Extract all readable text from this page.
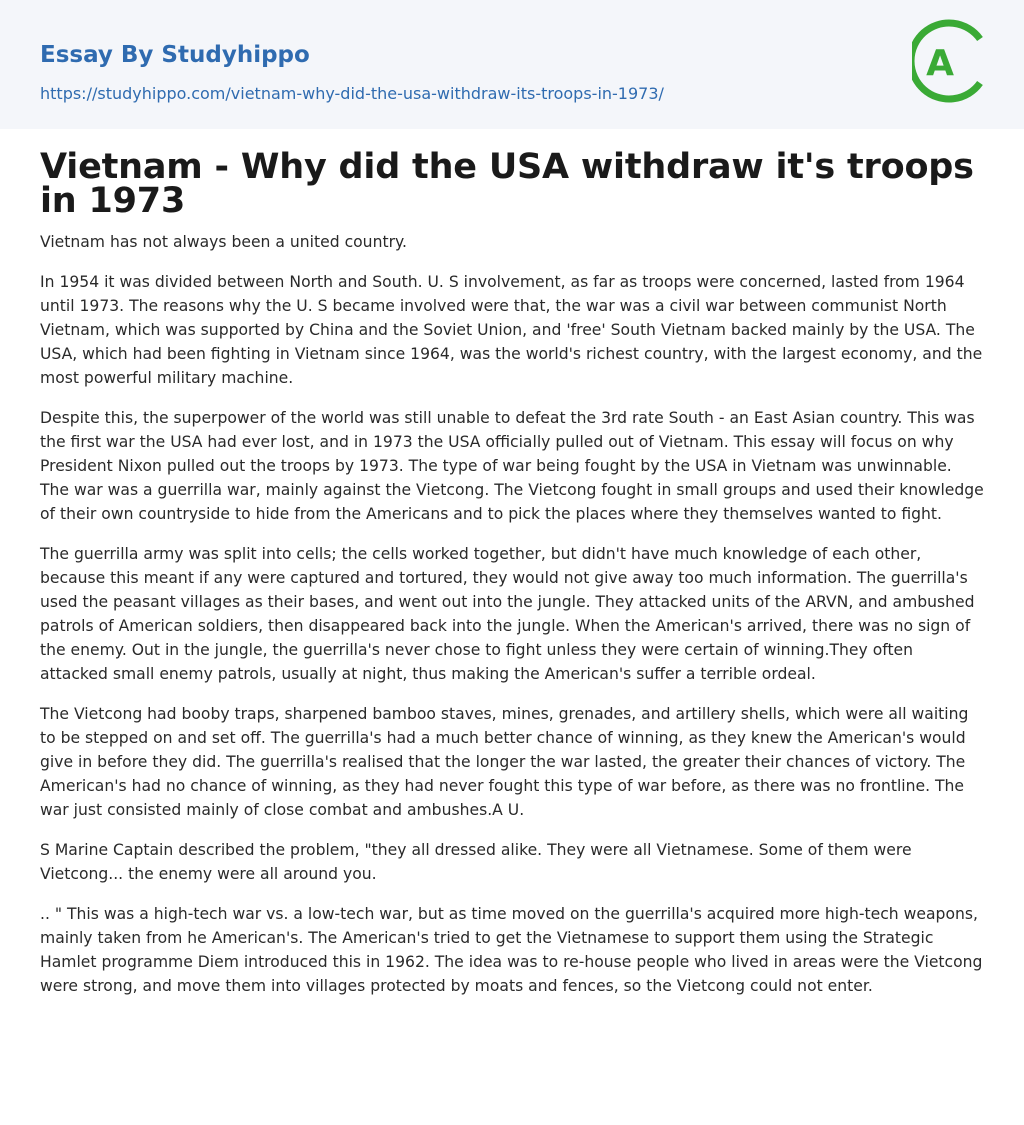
Essay By Studyhippo
https://studyhippo.com/vietnam-why-did-the-usa-withdraw-its-troops-in-1973/
A
Vietnam - Why did the USA withdraw it's troops in 1973

Vietnam has not always been a united country.

In 1954 it was divided between North and South. U. S involvement, as far as troops were concerned, lasted from 1964 until 1973. The reasons why the U. S became involved were that, the war was a civil war between communist North Vietnam, which was supported by China and the Soviet Union, and 'free' South Vietnam backed mainly by the USA. The USA, which had been fighting in Vietnam since 1964, was the world's richest country, with the largest economy, and the most powerful military machine.

Despite this, the superpower of the world was still unable to defeat the 3rd rate South - an East Asian country. This was the first war the USA had ever lost, and in 1973 the USA officially pulled out of Vietnam. This essay will focus on why President Nixon pulled out the troops by 1973. The type of war being fought by the USA in Vietnam was unwinnable. The war was a guerrilla war, mainly against the Vietcong. The Vietcong fought in small groups and used their knowledge of their own countryside to hide from the Americans and to pick the places where they themselves wanted to fight.

The guerrilla army was split into cells; the cells worked together, but didn't have much knowledge of each other, because this meant if any were captured and tortured, they would not give away too much information. The guerrilla's used the peasant villages as their bases, and went out into the jungle. They attacked units of the ARVN, and ambushed patrols of American soldiers, then disappeared back into the jungle. When the American's arrived, there was no sign of the enemy. Out in the jungle, the guerrilla's never chose to fight unless they were certain of winning.They often attacked small enemy patrols, usually at night, thus making the American's suffer a terrible ordeal.

The Vietcong had booby traps, sharpened bamboo staves, mines, grenades, and artillery shells, which were all waiting to be stepped on and set off. The guerrilla's had a much better chance of winning, as they knew the American's would give in before they did. The guerrilla's realised that the longer the war lasted, the greater their chances of victory. The American's had no chance of winning, as they had never fought this type of war before, as there was no frontline. The war just consisted mainly of close combat and ambushes.A U.

S Marine Captain described the problem, "they all dressed alike. They were all Vietnamese. Some of them were Vietcong... the enemy were all around you.

.. " This was a high-tech war vs. a low-tech war, but as time moved on the guerrilla's acquired more high-tech weapons, mainly taken from he American's. The American's tried to get the Vietnamese to support them using the Strategic Hamlet programme Diem introduced this in 1962. The idea was to re-house people who lived in areas were the Vietcong were strong, and move them into villages protected by moats and fences, so the Vietcong could not enter.
